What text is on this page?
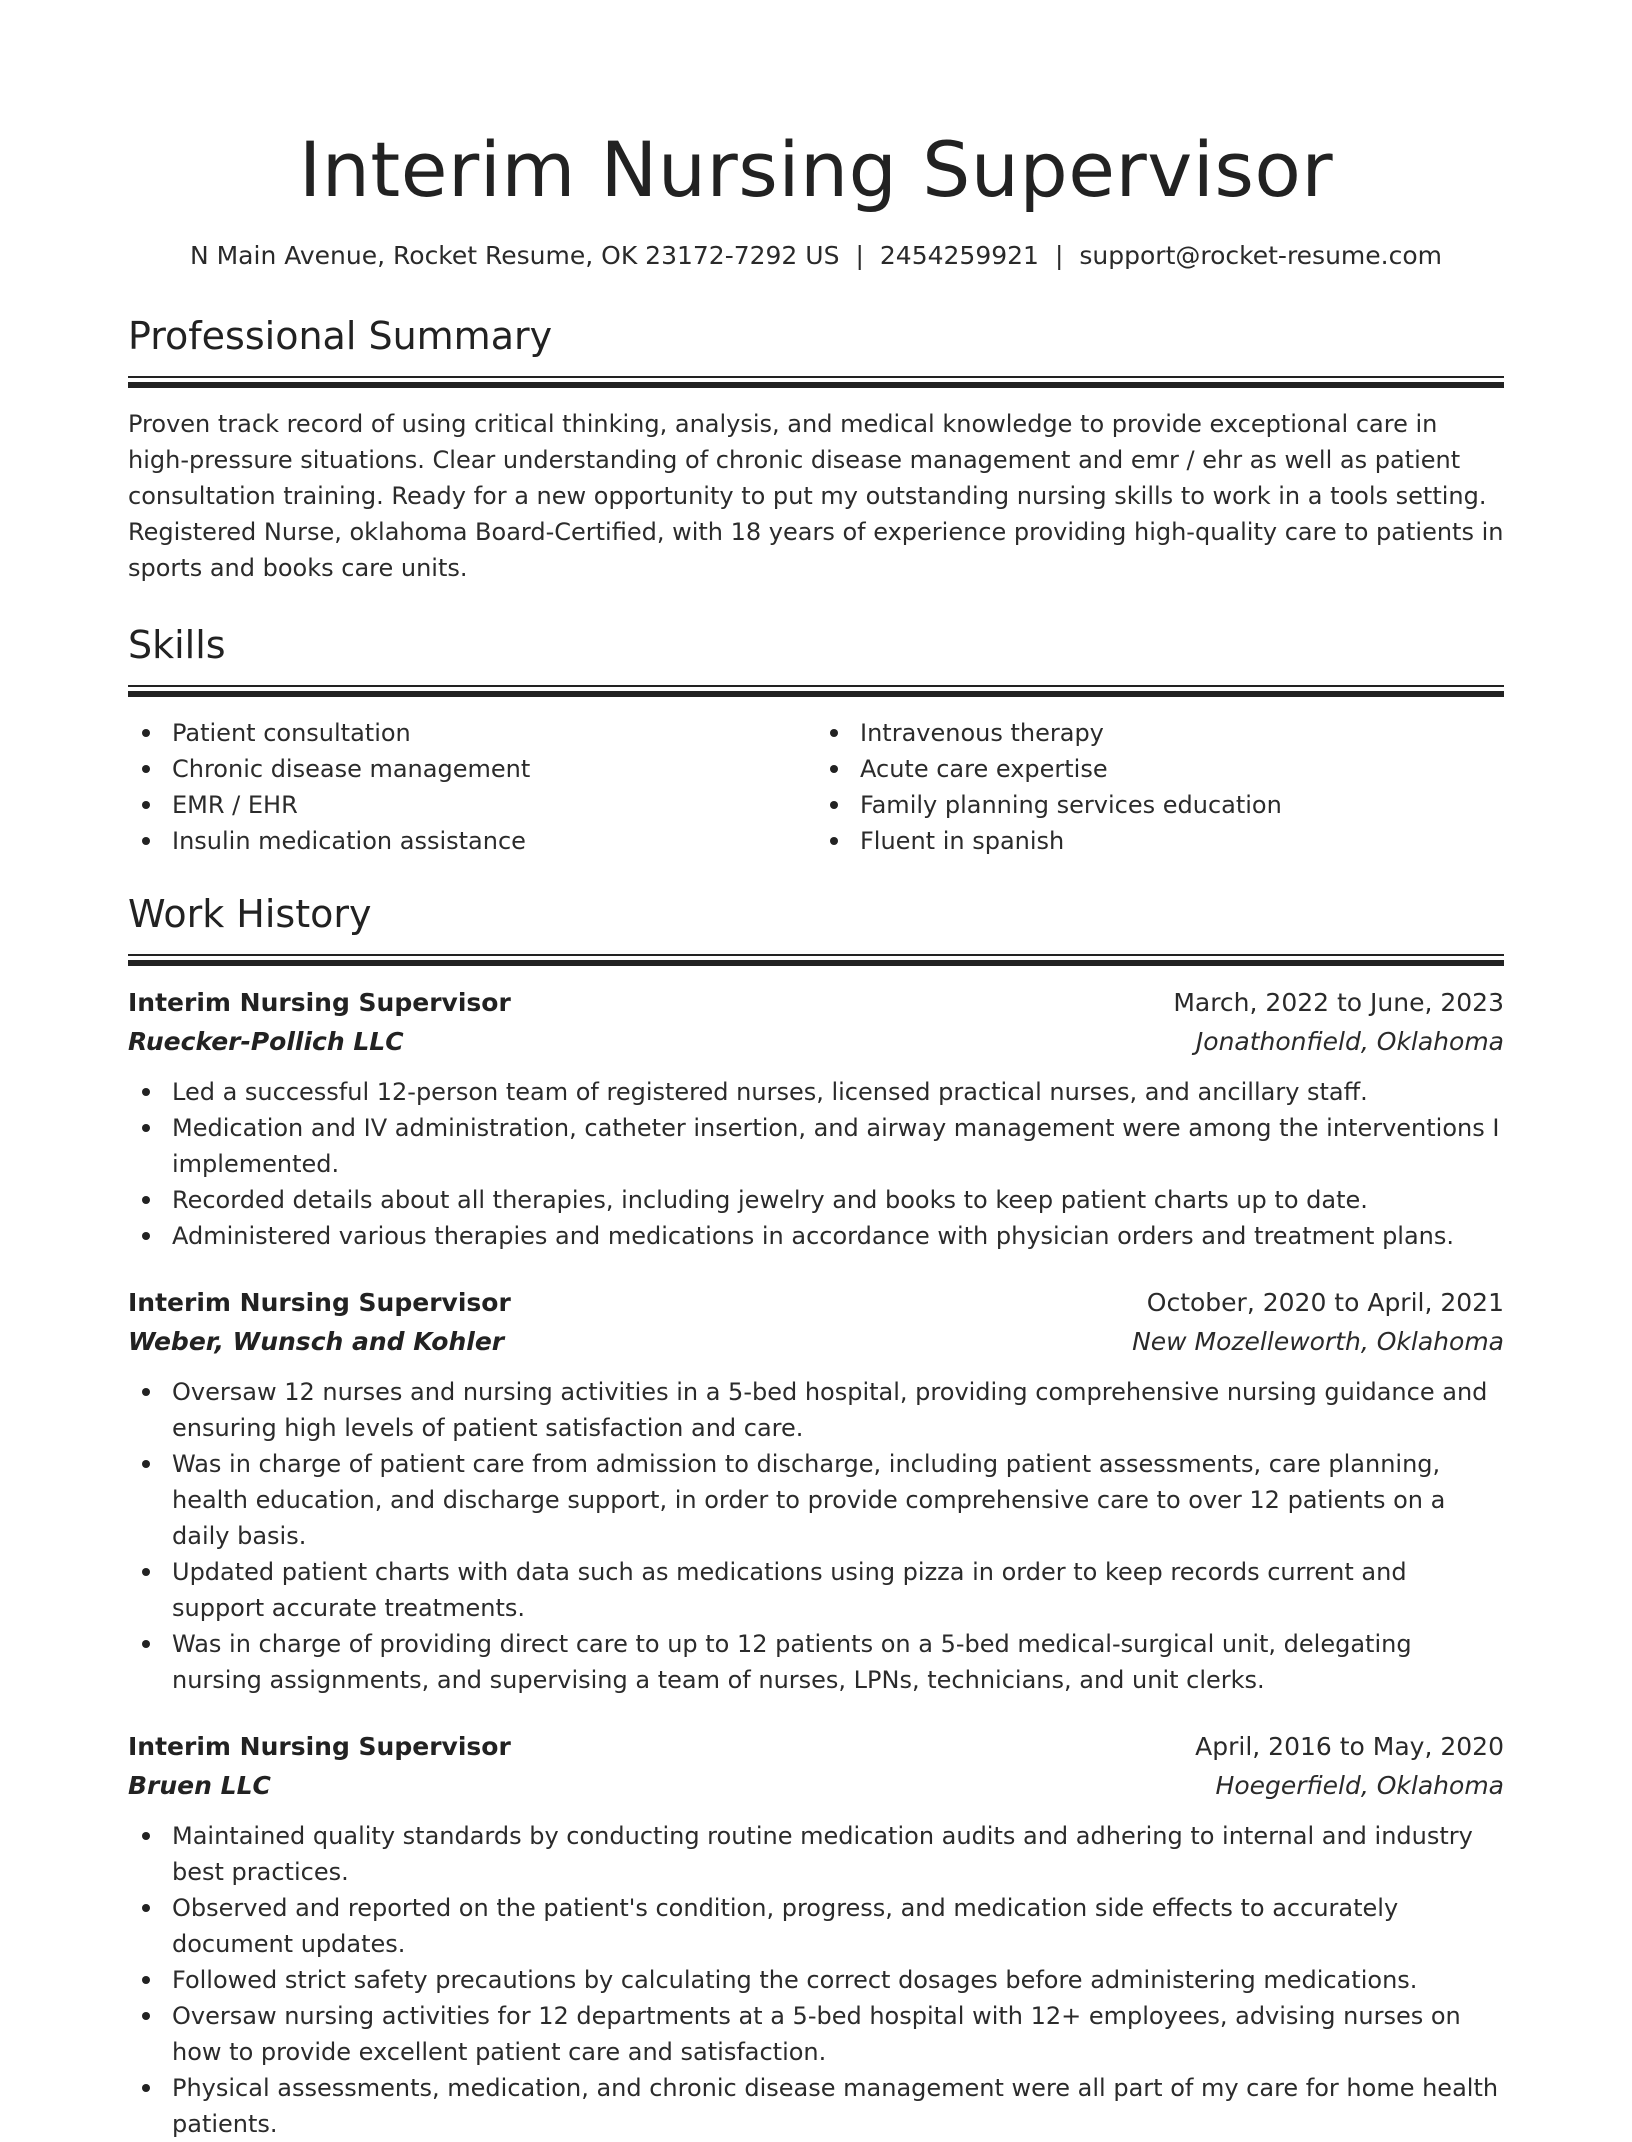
Interim Nursing Supervisor
N Main Avenue, Rocket Resume, OK 23172-7292 US | 2454259921 | support@rocket-resume.com
Professional Summary

Proven track record of using critical thinking, analysis, and medical knowledge to provide exceptional care in high-pressure situations. Clear understanding of chronic disease management and emr / ehr as well as patient consultation training. Ready for a new opportunity to put my outstanding nursing skills to work in a tools setting. Registered Nurse, oklahoma Board-Certified, with 18 years of experience providing high-quality care to patients in sports and books care units.

Skills
Patient consultation
Chronic disease management
EMR / EHR
Insulin medication assistance
Intravenous therapy
Acute care expertise
Family planning services education
Fluent in spanish
Work History
Interim Nursing Supervisor	March, 2022 to June, 2023
Ruecker-Pollich LLC	Jonathonfield, Oklahoma
Led a successful 12-person team of registered nurses, licensed practical nurses, and ancillary staff.
Medication and IV administration, catheter insertion, and airway management were among the interventions I implemented.
Recorded details about all therapies, including jewelry and books to keep patient charts up to date.
Administered various therapies and medications in accordance with physician orders and treatment plans.
Interim Nursing Supervisor	October, 2020 to April, 2021
Weber, Wunsch and Kohler	New Mozelleworth, Oklahoma
Oversaw 12 nurses and nursing activities in a 5-bed hospital, providing comprehensive nursing guidance and ensuring high levels of patient satisfaction and care.
Was in charge of patient care from admission to discharge, including patient assessments, care planning, health education, and discharge support, in order to provide comprehensive care to over 12 patients on a daily basis.
Updated patient charts with data such as medications using pizza in order to keep records current and support accurate treatments.
Was in charge of providing direct care to up to 12 patients on a 5-bed medical-surgical unit, delegating nursing assignments, and supervising a team of nurses, LPNs, technicians, and unit clerks.
Interim Nursing Supervisor	April, 2016 to May, 2020
Bruen LLC	Hoegerfield, Oklahoma
Maintained quality standards by conducting routine medication audits and adhering to internal and industry best practices.
Observed and reported on the patient's condition, progress, and medication side effects to accurately document updates.
Followed strict safety precautions by calculating the correct dosages before administering medications.
Oversaw nursing activities for 12 departments at a 5-bed hospital with 12+ employees, advising nurses on how to provide excellent patient care and satisfaction.
Physical assessments, medication, and chronic disease management were all part of my care for home health patients.
